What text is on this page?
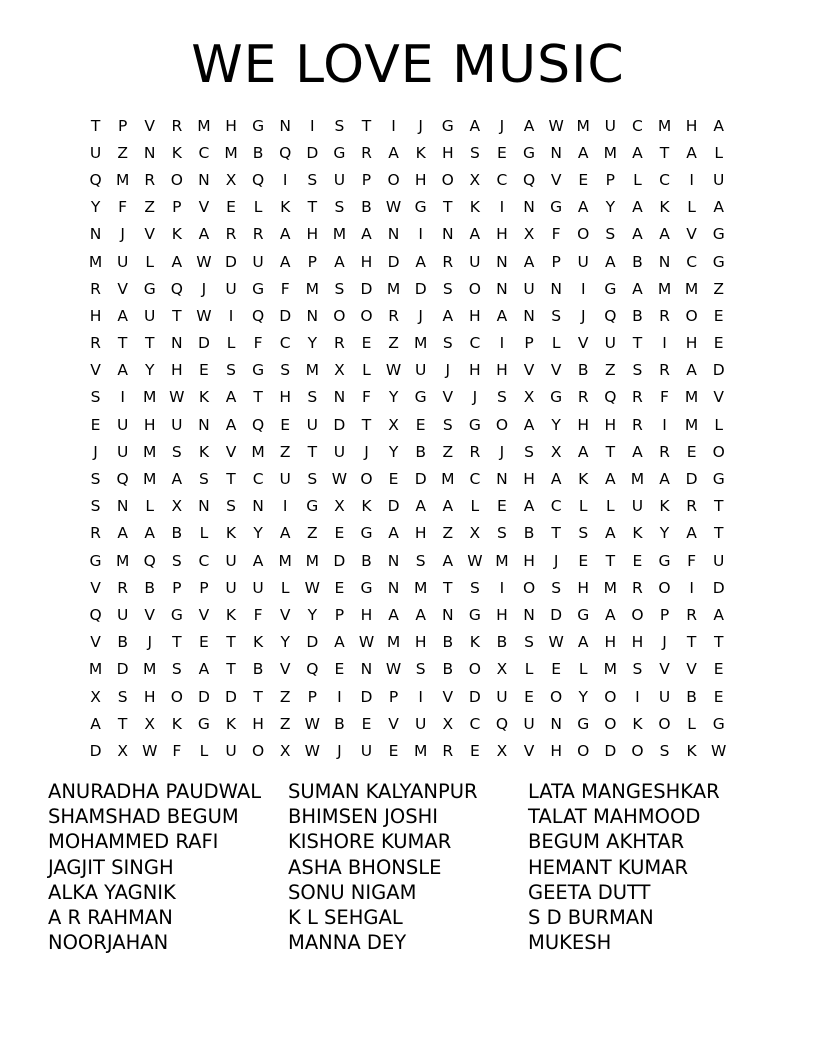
WE LOVE MUSIC
T	P	V	R M H G N	I	S	T	I	J	G	A	J	A W M U	C M H	A
U	Z	N	K	C M B	Q D G	R	A	K	H	S	E	G N	A M A	T	A	L
Q M R	O N	X	Q	I	S	U	P	O H O	X	C	Q	V	E	P	L	C	I	U
Y	F	Z	P	V	E	L	K	T	S	B W G	T	K	I	N G	A	Y	A	K	L	A
N	J	V	K	A	R	R	A	H M A	N	I	N	A	H	X	F	O	S	A	A	V	G
M U	L	A W D U	A	P	A	H D	A	R	U	N	A	P	U	A	B	N	C	G
R	V	G Q	J	U G	F	M S	D M D	S	O N	U	N	I	G	A M M Z
H	A	U	T W	I	Q D N O O	R	J	A	H	A	N	S	J	Q	B	R	O	E
R	T	T	N D	L	F	C	Y	R	E	Z M S	C	I	P	L	V	U	T	I	H	E
V	A	Y	H	E	S	G	S M X	L W U	J	H H	V	V	B	Z	S	R	A	D
S	I	M W K	A	T	H	S	N	F	Y	G	V	J	S	X	G	R	Q	R	F	M V
E	U	H	U	N	A	Q	E	U D	T	X	E	S	G O	A	Y	H H	R	I	M	L
J	U M S	K	V M Z	T	U	J	Y	B	Z	R	J	S	X	A	T	A	R	E	O
S	Q M A	S	T	C	U	S W O	E	D M C	N H	A	K	A M A	D G
S	N	L	X	N	S	N	I	G	X	K	D	A	A	L	E	A	C	L	L	U	K	R	T
R	A	A	B	L	K	Y	A	Z	E	G	A	H	Z	X	S	B	T	S	A	K	Y	A	T
G M Q	S	C	U	A M M D	B	N	S	A W M H	J	E	T	E	G	F	U
V	R	B	P	P	U	U	L W E	G N M	T	S	I	O	S	H M R	O	I	D
Q U	V	G	V	K	F	V	Y	P	H	A	A	N G H N D G	A	O	P	R	A
V	B	J	T	E	T	K	Y	D	A W M H	B	K	B	S W A	H H	J	T	T
M D M S	A	T	B	V	Q	E	N W S	B	O	X	L	E	L	M S	V	V	E
X	S	H O D D	T	Z	P	I	D	P	I	V	D U	E	O	Y	O	I	U	B	E
A	T	X	K	G	K	H	Z W B	E	V	U	X	C	Q U	N G O	K	O	L	G
D	X W F	L	U O	X W	J	U	E	M R	E	X	V	H O D O	S	K W
ANURADHA PAUDWAL
SHAMSHAD BEGUM
MOHAMMED RAFI
JAGJIT SINGH
ALKA YAGNIK
A R RAHMAN
NOORJAHAN
SUMAN KALYANPUR
BHIMSEN JOSHI
KISHORE KUMAR
ASHA BHONSLE
SONU NIGAM
K L SEHGAL
MANNA DEY
LATA MANGESHKAR
TALAT MAHMOOD
BEGUM AKHTAR
HEMANT KUMAR
GEETA DUTT
S D BURMAN
MUKESH
